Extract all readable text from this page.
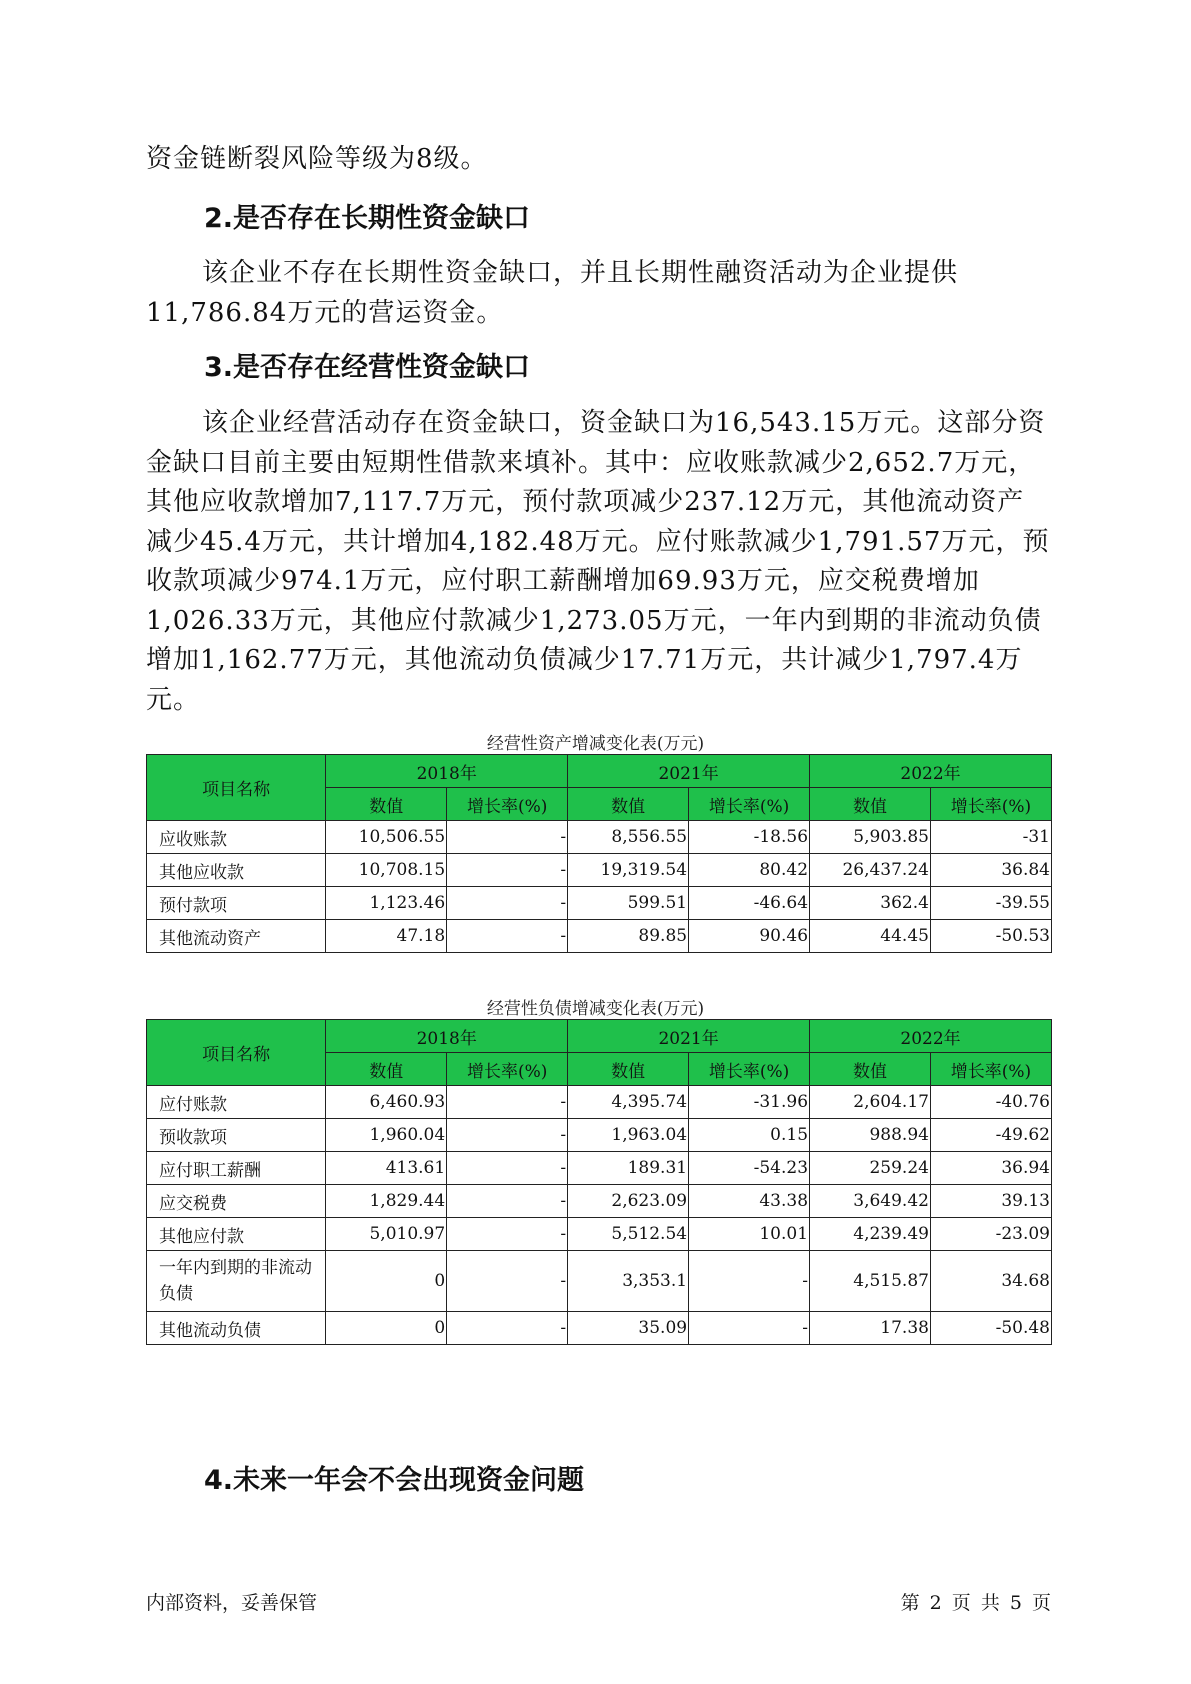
资金链断裂风险等级为8级。
2.是否存在长期性资金缺口
该企业不存在长期性资金缺口，并且长期性融资活动为企业提供11,786.84万元的营运资金。
3.是否存在经营性资金缺口
该企业经营活动存在资金缺口，资金缺口为16,543.15万元。这部分资金缺口目前主要由短期性借款来填补。其中：应收账款减少2,652.7万元，其他应收款增加7,117.7万元，预付款项减少237.12万元，其他流动资产减少45.4万元，共计增加4,182.48万元。应付账款减少1,791.57万元，预收款项减少974.1万元，应付职工薪酬增加69.93万元，应交税费增加1,026.33万元，其他应付款减少1,273.05万元，一年内到期的非流动负债增加1,162.77万元，其他流动负债减少17.71万元，共计减少1,797.4万元。
经营性资产增减变化表(万元)
项目名称	2018年		2021年		2022年	
	数值	增长率(%)	数值	增长率(%)	数值	增长率(%)
应收账款	10,506.55	-	8,556.55	-18.56	5,903.85	-31
其他应收款	10,708.15	-	19,319.54	80.42	26,437.24	36.84
预付款项	1,123.46	-	599.51	-46.64	362.4	-39.55
其他流动资产	47.18	-	89.85	90.46	44.45	-50.53
经营性负债增减变化表(万元)
项目名称	2018年		2021年		2022年	
	数值	增长率(%)	数值	增长率(%)	数值	增长率(%)
应付账款	6,460.93	-	4,395.74	-31.96	2,604.17	-40.76
预收款项	1,960.04	-	1,963.04	0.15	988.94	-49.62
应付职工薪酬	413.61	-	189.31	-54.23	259.24	36.94
应交税费	1,829.44	-	2,623.09	43.38	3,649.42	39.13
其他应付款	5,010.97	-	5,512.54	10.01	4,239.49	-23.09
一年内到期的非流动负债	0	-	3,353.1	-	4,515.87	34.68
其他流动负债	0	-	35.09	-	17.38	-50.48
4.未来一年会不会出现资金问题
内部资料，妥善保管	第 2 页 共 5 页
